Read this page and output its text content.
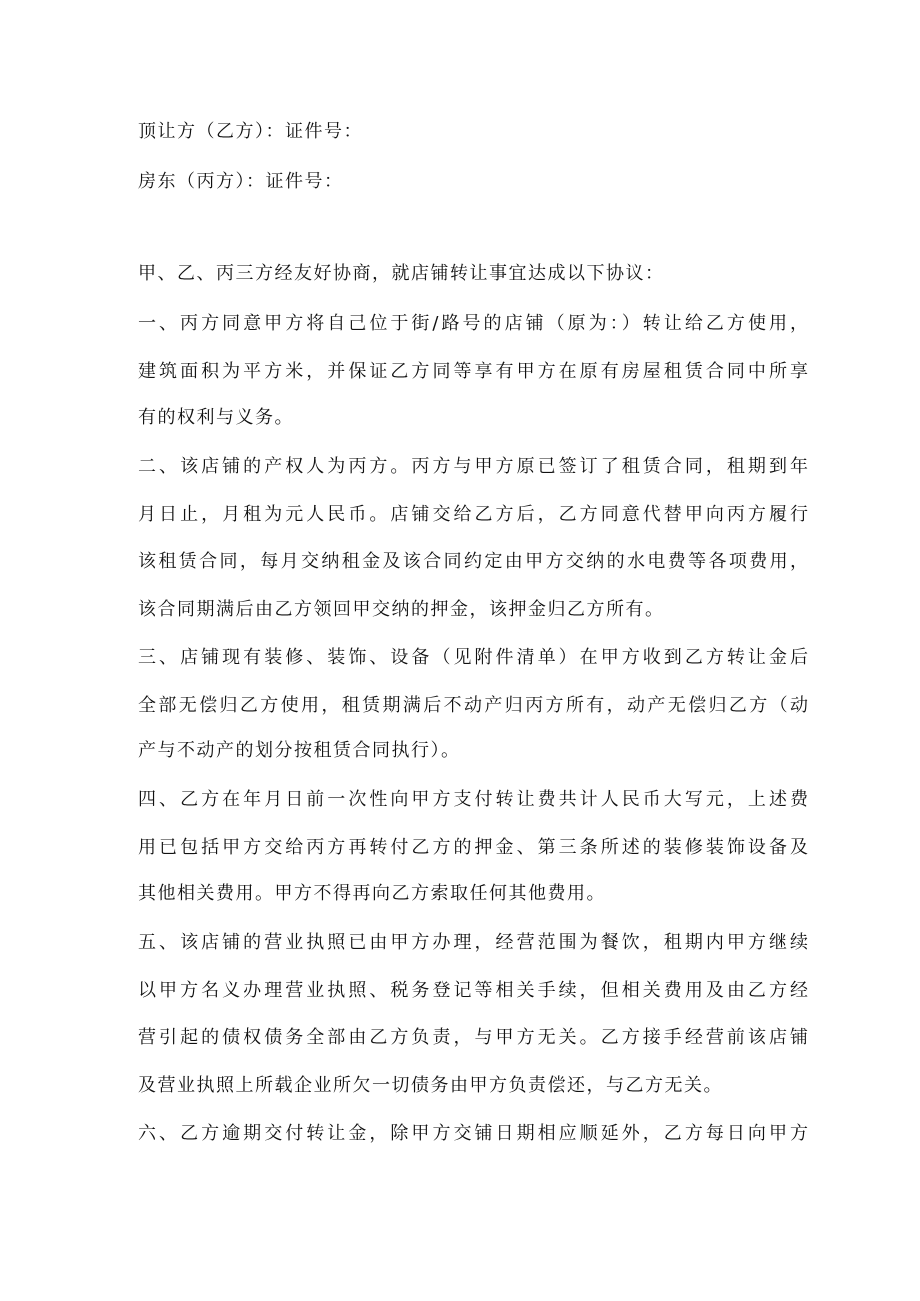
顶让方（乙方）：证件号：
房东（丙方）：证件号：
甲、乙、丙三方经友好协商，就店铺转让事宜达成以下协议：
一、丙方同意甲方将自己位于街/路号的店铺（原为：）转让给乙方使用，
建筑面积为平方米，并保证乙方同等享有甲方在原有房屋租赁合同中所享
有的权利与义务。
二、该店铺的产权人为丙方。丙方与甲方原已签订了租赁合同，租期到年
月日止，月租为元人民币。店铺交给乙方后，乙方同意代替甲向丙方履行
该租赁合同，每月交纳租金及该合同约定由甲方交纳的水电费等各项费用，
该合同期满后由乙方领回甲交纳的押金，该押金归乙方所有。
三、店铺现有装修、装饰、设备（见附件清单）在甲方收到乙方转让金后
全部无偿归乙方使用，租赁期满后不动产归丙方所有，动产无偿归乙方（动
产与不动产的划分按租赁合同执行）。
四、乙方在年月日前一次性向甲方支付转让费共计人民币大写元，上述费
用已包括甲方交给丙方再转付乙方的押金、第三条所述的装修装饰设备及
其他相关费用。甲方不得再向乙方索取任何其他费用。
五、该店铺的营业执照已由甲方办理，经营范围为餐饮，租期内甲方继续
以甲方名义办理营业执照、税务登记等相关手续，但相关费用及由乙方经
营引起的债权债务全部由乙方负责，与甲方无关。乙方接手经营前该店铺
及营业执照上所载企业所欠一切债务由甲方负责偿还，与乙方无关。
六、乙方逾期交付转让金，除甲方交铺日期相应顺延外，乙方每日向甲方
